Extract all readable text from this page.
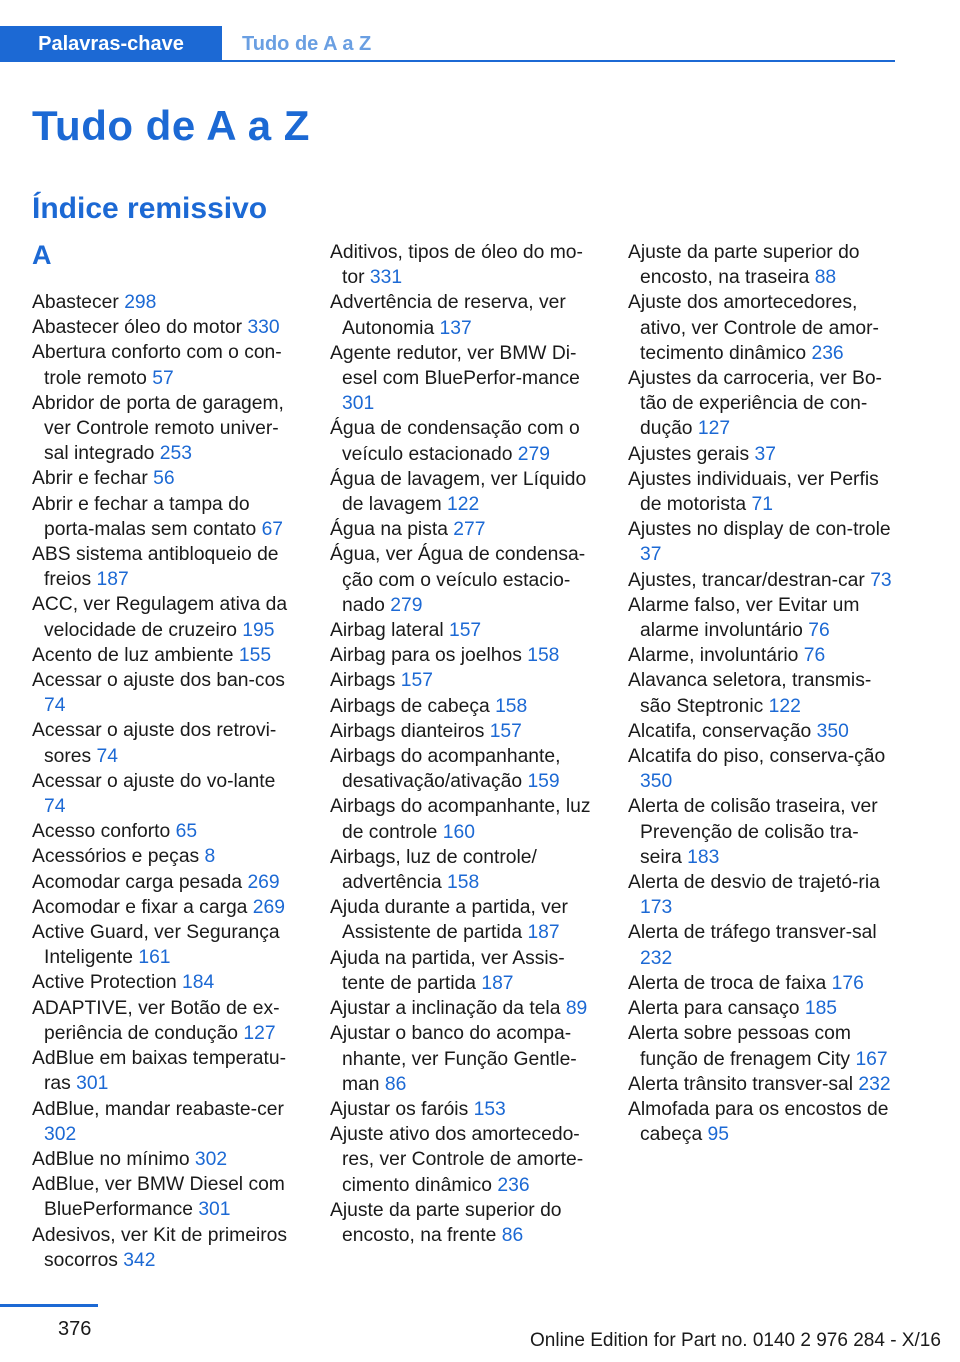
Palavras-chave	Tudo de A a Z
Tudo de A a Z
Índice remissivo
A
Abastecer 298
Abastecer óleo do motor 330
Abertura conforto com o con‐trole remoto 57
Abridor de porta de garagem, ver Controle remoto univer‐sal integrado 253
Abrir e fechar 56
Abrir e fechar a tampa do porta-malas sem contato 67
ABS sistema antibloqueio de freios 187
ACC, ver Regulagem ativa da velocidade de cruzeiro 195
Acento de luz ambiente 155
Acessar o ajuste dos ban‐cos 74
Acessar o ajuste dos retrovi‐sores 74
Acessar o ajuste do vo‐lante 74
Acesso conforto 65
Acessórios e peças 8
Acomodar carga pesada 269
Acomodar e fixar a carga 269
Active Guard, ver Segurança Inteligente 161
Active Protection 184
ADAPTIVE, ver Botão de ex‐periência de condução 127
AdBlue em baixas temperatu‐ras 301
AdBlue, mandar reabaste‐cer 302
AdBlue no mínimo 302
AdBlue, ver BMW Diesel com BluePerformance 301
Adesivos, ver Kit de primeiros socorros 342
Aditivos, tipos de óleo do mo‐tor 331
Advertência de reserva, ver Autonomia 137
Agente redutor, ver BMW Di‐esel com BluePerfor‐mance 301
Água de condensação com o veículo estacionado 279
Água de lavagem, ver Líquido de lavagem 122
Água na pista 277
Água, ver Água de condensa‐ção com o veículo estacio‐nado 279
Airbag lateral 157
Airbag para os joelhos 158
Airbags 157
Airbags de cabeça 158
Airbags dianteiros 157
Airbags do acompanhante, desativação/ativação 159
Airbags do acompanhante, luz de controle 160
Airbags, luz de controle/ advertência 158
Ajuda durante a partida, ver Assistente de partida 187
Ajuda na partida, ver Assis‐tente de partida 187
Ajustar a inclinação da tela 89
Ajustar o banco do acompa‐nhante, ver Função Gentle‐man 86
Ajustar os faróis 153
Ajuste ativo dos amortecedo‐res, ver Controle de amorte‐cimento dinâmico 236
Ajuste da parte superior do encosto, na frente 86
Ajuste da parte superior do encosto, na traseira 88
Ajuste dos amortecedores, ativo, ver Controle de amor‐tecimento dinâmico 236
Ajustes da carroceria, ver Bo‐tão de experiência de con‐dução 127
Ajustes gerais 37
Ajustes individuais, ver Perfis de motorista 71
Ajustes no display de con‐trole 37
Ajustes, trancar/destran‐car 73
Alarme falso, ver Evitar um alarme involuntário 76
Alarme, involuntário 76
Alavanca seletora, transmis‐são Steptronic 122
Alcatifa, conservação 350
Alcatifa do piso, conserva‐ção 350
Alerta de colisão traseira, ver Prevenção de colisão tra‐seira 183
Alerta de desvio de trajetó‐ria 173
Alerta de tráfego transver‐sal 232
Alerta de troca de faixa 176
Alerta para cansaço 185
Alerta sobre pessoas com função de frenagem City 167
Alerta trânsito transver‐sal 232
Almofada para os encostos de cabeça 95
376
Online Edition for Part no. 0140 2 976 284 - X/16
